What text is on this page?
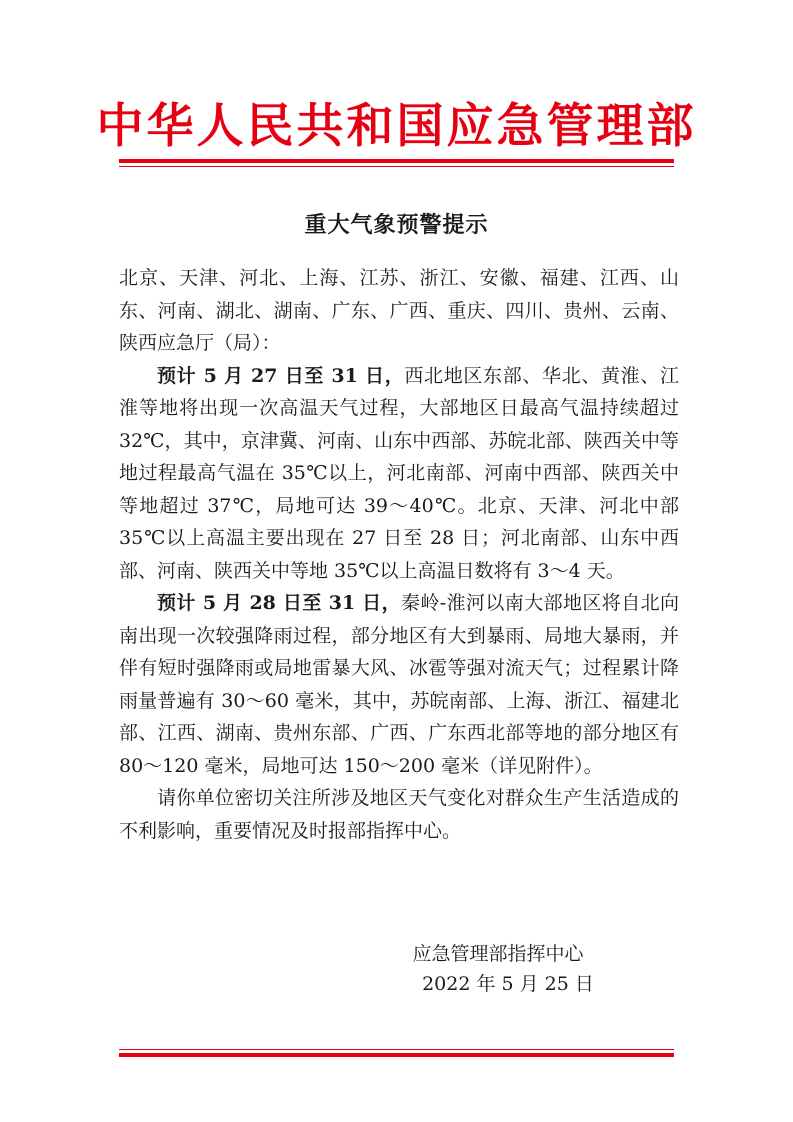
中华人民共和国应急管理部
重大气象预警提示

北京、天津、河北、上海、江苏、浙江、安徽、福建、江西、山东、河南、湖北、湖南、广东、广西、重庆、四川、贵州、云南、陕西应急厅（局）：

预计 5 月 27 日至 31 日，西北地区东部、华北、黄淮、江淮等地将出现一次高温天气过程，大部地区日最高气温持续超过 32℃，其中，京津冀、河南、山东中西部、苏皖北部、陕西关中等地过程最高气温在 35℃以上，河北南部、河南中西部、陕西关中等地超过 37℃，局地可达 39～40℃。北京、天津、河北中部 35℃以上高温主要出现在 27 日至 28 日；河北南部、山东中西部、河南、陕西关中等地 35℃以上高温日数将有 3～4 天。

预计 5 月 28 日至 31 日，秦岭-淮河以南大部地区将自北向南出现一次较强降雨过程，部分地区有大到暴雨、局地大暴雨，并伴有短时强降雨或局地雷暴大风、冰雹等强对流天气；过程累计降雨量普遍有 30～60 毫米，其中，苏皖南部、上海、浙江、福建北部、江西、湖南、贵州东部、广西、广东西北部等地的部分地区有 80～120 毫米，局地可达 150～200 毫米（详见附件）。

请你单位密切关注所涉及地区天气变化对群众生产生活造成的不利影响，重要情况及时报部指挥中心。

应急管理部指挥中心
2022 年 5 月 25 日
